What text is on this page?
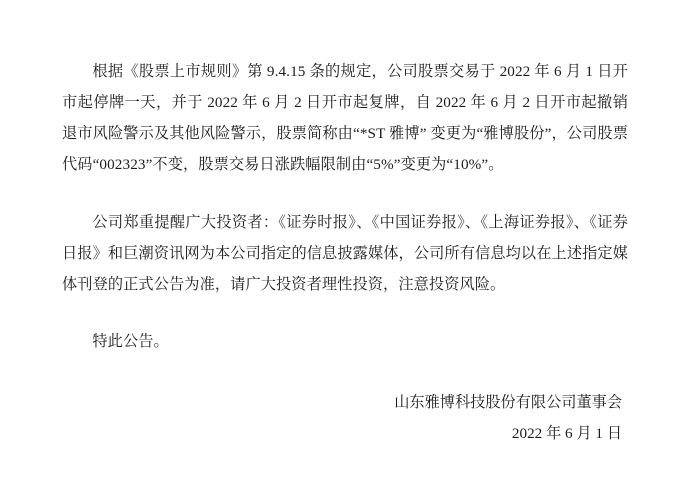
根据《股票上市规则》第 9.4.15 条的规定，公司股票交易于 2022 年 6 月 1 日开市起停牌一天，并于 2022 年 6 月 2 日开市起复牌，自 2022 年 6 月 2 日开市起撤销退市风险警示及其他风险警示，股票简称由“*ST 雅博” 变更为“雅博股份”，公司股票代码“002323”不变，股票交易日涨跌幅限制由“5%”变更为“10%”。

公司郑重提醒广大投资者：《证券时报》、《中国证券报》、《上海证券报》、《证券日报》和巨潮资讯网为本公司指定的信息披露媒体，公司所有信息均以在上述指定媒体刊登的正式公告为准，请广大投资者理性投资，注意投资风险。

特此公告。

山东雅博科技股份有限公司董事会
2022 年 6 月 1 日
